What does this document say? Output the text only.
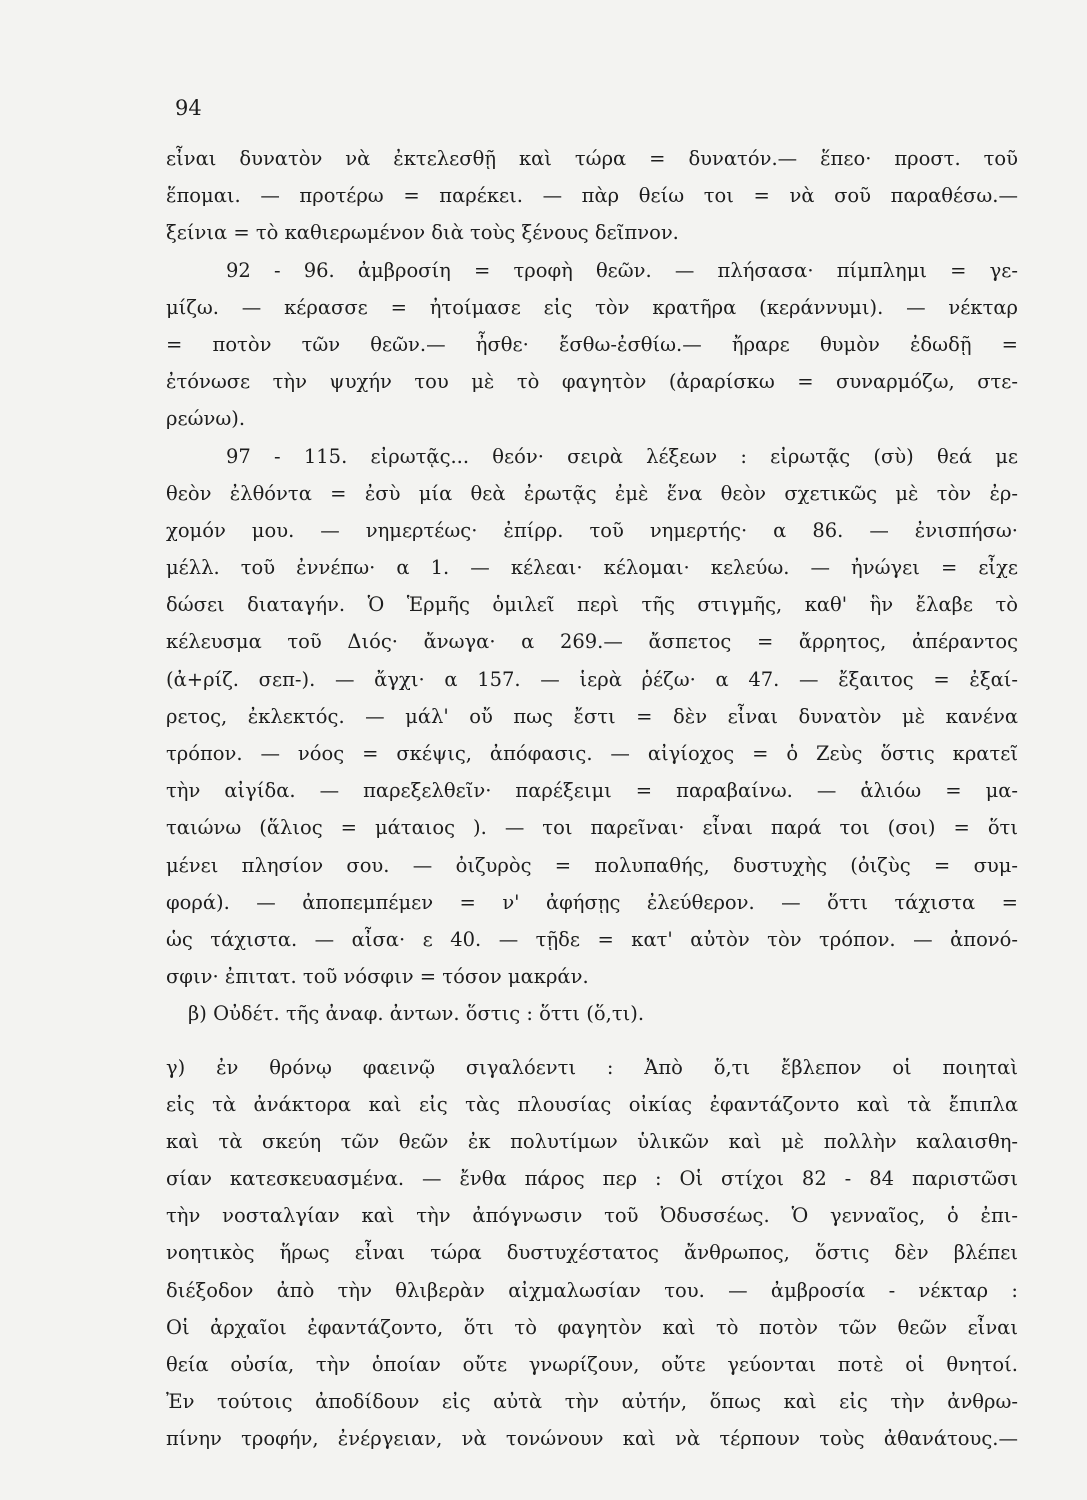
94
εἶναι δυνατὸν νὰ ἐκτελεσθῇ καὶ τώρα = δυνατόν.— ἕπεο· προστ. τοῦ
ἕπομαι. — προτέρω = παρέκει. — πὰρ θείω τοι = νὰ σοῦ παραθέσω.—
ξείνια = τὸ καθιερωμένον διὰ τοὺς ξένους δεῖπνον.
92 - 96. ἀμβροσίη = τροφὴ θεῶν. — πλήσασα· πίμπλημι = γε-
μίζω. — κέρασσε = ἠτοίμασε εἰς τὸν κρατῆρα (κεράννυμι). — νέκταρ
= ποτὸν τῶν θεῶν.— ἦσθε· ἔσθω-ἐσθίω.— ἤραρε θυμὸν ἐδωδῇ =
ἐτόνωσε τὴν ψυχήν του μὲ τὸ φαγητὸν (ἀραρίσκω = συναρμόζω, στε-
ρεώνω).
97 - 115. εἰρωτᾷς... θεόν· σειρὰ λέξεων : εἰρωτᾷς (σὺ) θεά με
θεὸν ἐλθόντα = ἐσὺ μία θεὰ ἐρωτᾷς ἐμὲ ἕνα θεὸν σχετικῶς μὲ τὸν ἐρ-
χομόν μου. — νημερτέως· ἐπίρρ. τοῦ νημερτής· α 86. — ἐνισπήσω·
μέλλ. τοῦ ἐννέπω· α 1. — κέλεαι· κέλομαι· κελεύω. — ἠνώγει = εἶχε
δώσει διαταγήν. Ὁ Ἑρμῆς ὁμιλεῖ περὶ τῆς στιγμῆς, καθ' ἣν ἔλαβε τὸ
κέλευσμα τοῦ Διός· ἄνωγα· α 269.— ἄσπετος = ἄρρητος, ἀπέραντος
(ἀ+ρίζ. σεπ-). — ἄγχι· α 157. — ἱερὰ ῥέζω· α 47. — ἔξαιτος = ἐξαί-
ρετος, ἐκλεκτός. — μάλ' οὔ πως ἔστι = δὲν εἶναι δυνατὸν μὲ κανένα
τρόπον. — νόος = σκέψις, ἀπόφασις. — αἰγίοχος = ὁ Ζεὺς ὅστις κρατεῖ
τὴν αἰγίδα. — παρεξελθεῖν· παρέξειμι = παραβαίνω. — ἁλιόω = μα-
ταιώνω (ἅλιος = μάταιος ). — τοι παρεῖναι· εἶναι παρά τοι (σοι) = ὅτι
μένει πλησίον σου. — ὀιζυρὸς = πολυπαθής, δυστυχὴς (ὀιζὺς = συμ-
φορά). — ἀποπεμπέμεν = ν' ἀφήσῃς ἐλεύθερον. — ὅττι τάχιστα =
ὡς τάχιστα. — αἶσα· ε 40. — τῇδε = κατ' αὐτὸν τὸν τρόπον. — ἀπονό-
σφιν· ἐπιτατ. τοῦ νόσφιν = τόσον μακράν.
β) Οὐδέτ. τῆς ἀναφ. ἀντων. ὅστις : ὅττι (ὅ,τι).
γ) ἐν θρόνῳ φαεινῷ σιγαλόεντι : Ἀπὸ ὅ,τι ἔβλεπον οἱ ποιηταὶ
εἰς τὰ ἀνάκτορα καὶ εἰς τὰς πλουσίας οἰκίας ἐφαντάζοντο καὶ τὰ ἔπιπλα
καὶ τὰ σκεύη τῶν θεῶν ἐκ πολυτίμων ὑλικῶν καὶ μὲ πολλὴν καλαισθη-
σίαν κατεσκευασμένα. — ἔνθα πάρος περ : Οἱ στίχοι 82 - 84 παριστῶσι
τὴν νοσταλγίαν καὶ τὴν ἀπόγνωσιν τοῦ Ὀδυσσέως. Ὁ γενναῖος, ὁ ἐπι-
νοητικὸς ἥρως εἶναι τώρα δυστυχέστατος ἄνθρωπος, ὅστις δὲν βλέπει
διέξοδον ἀπὸ τὴν θλιβερὰν αἰχμαλωσίαν του. — ἀμβροσία - νέκταρ :
Οἱ ἀρχαῖοι ἐφαντάζοντο, ὅτι τὸ φαγητὸν καὶ τὸ ποτὸν τῶν θεῶν εἶναι
θεία οὐσία, τὴν ὁποίαν οὔτε γνωρίζουν, οὔτε γεύονται ποτὲ οἱ θνητοί.
Ἐν τούτοις ἀποδίδουν εἰς αὐτὰ τὴν αὐτήν, ὅπως καὶ εἰς τὴν ἀνθρω-
πίνην τροφήν, ἐνέργειαν, νὰ τονώνουν καὶ νὰ τέρπουν τοὺς ἀθανάτους.—
